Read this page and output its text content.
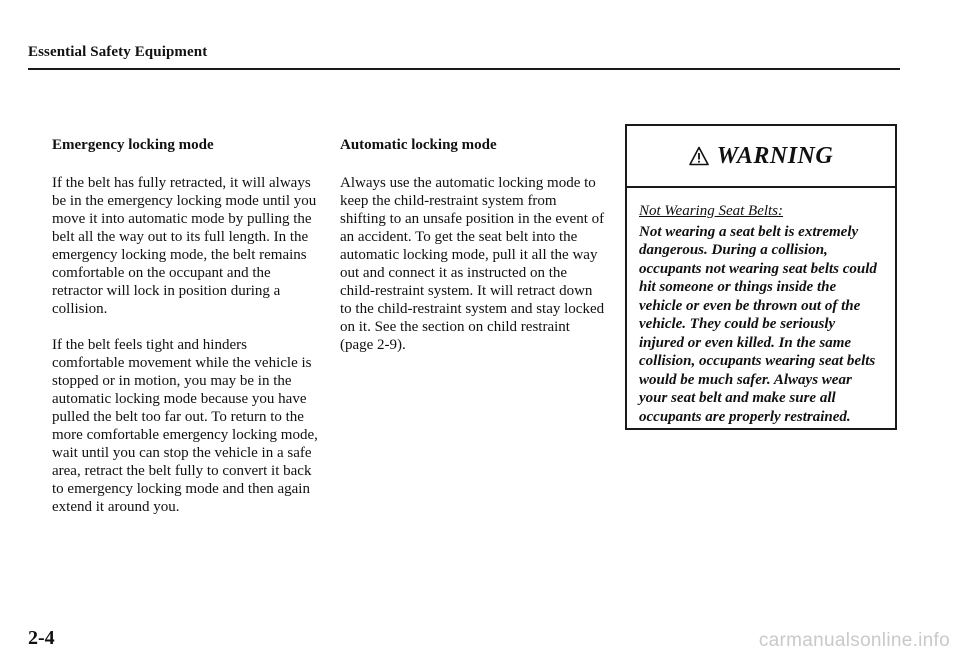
Essential Safety Equipment

Emergency locking mode

If the belt has fully retracted, it will always be in the emergency locking mode until you move it into automatic mode by pulling the belt all the way out to its full length. In the emergency locking mode, the belt remains comfortable on the occupant and the retractor will lock in position during a collision.

If the belt feels tight and hinders comfortable movement while the vehicle is stopped or in motion, you may be in the automatic locking mode because you have pulled the belt too far out. To return to the more comfortable emergency locking mode, wait until you can stop the vehicle in a safe area, retract the belt fully to convert it back to emergency locking mode and then again extend it around you.

Automatic locking mode

Always use the automatic locking mode to keep the child-restraint system from shifting to an unsafe position in the event of an accident. To get the seat belt into the automatic locking mode, pull it all the way out and connect it as instructed on the child-restraint system. It will retract down to the child-restraint system and stay locked on it. See the section on child restraint (page 2-9).

WARNING

Not Wearing Seat Belts:

Not wearing a seat belt is extremely dangerous. During a collision, occupants not wearing seat belts could hit someone or things inside the vehicle or even be thrown out of the vehicle. They could be seriously injured or even killed. In the same collision, occupants wearing seat belts would be much safer. Always wear your seat belt and make sure all occupants are properly restrained.

2-4	carmanualsonline.info
